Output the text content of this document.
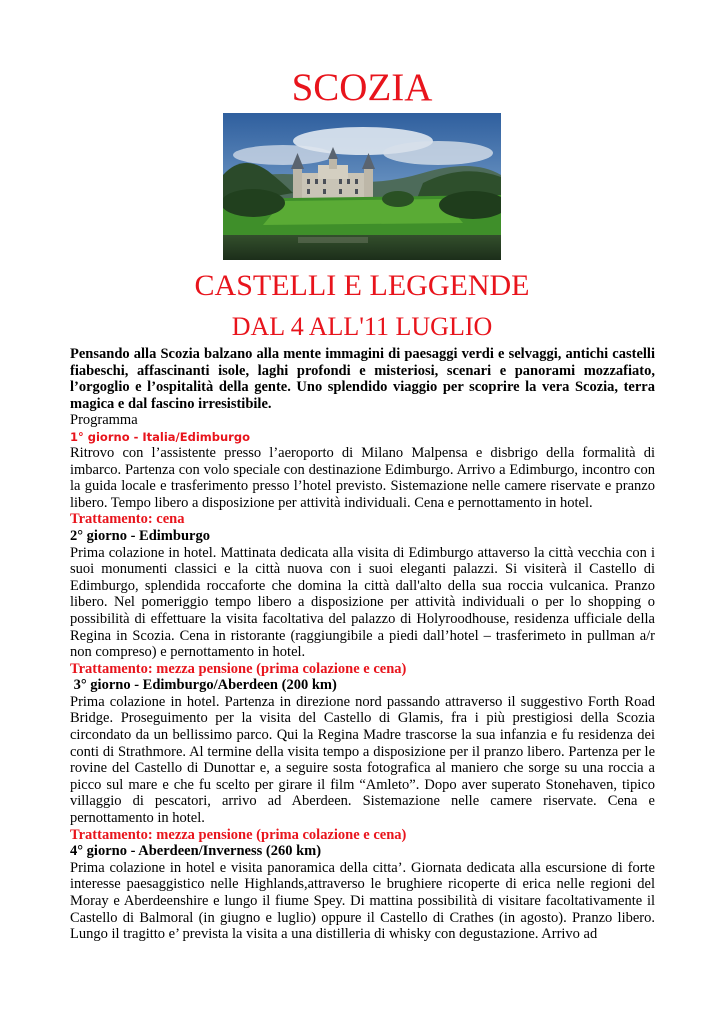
SCOZIA
CASTELLI E LEGGENDE
DAL 4 ALL'11 LUGLIO

Pensando alla Scozia balzano alla mente immagini di paesaggi verdi e selvaggi, antichi castelli fiabeschi, affascinanti isole, laghi profondi e misteriosi, scenari e panorami mozzafiato, l’orgoglio e l’ospitalità della gente. Uno splendido viaggio per scoprire la vera Scozia, terra magica e dal fascino irresistibile.

Programma

1° giorno - Italia/Edimburgo

Ritrovo con l’assistente presso l’aeroporto di Milano Malpensa e disbrigo della formalità di imbarco. Partenza con volo speciale con destinazione Edimburgo. Arrivo a Edimburgo, incontro con la guida locale e trasferimento presso l’hotel previsto. Sistemazione nelle camere riservate e pranzo libero. Tempo libero a disposizione per attività individuali. Cena e pernottamento in hotel.

Trattamento: cena

2° giorno - Edimburgo

Prima colazione in hotel. Mattinata dedicata alla visita di Edimburgo attaverso la città vecchia con i suoi monumenti classici e la città nuova con i suoi eleganti palazzi. Si visiterà il Castello di Edimburgo, splendida roccaforte che domina la città dall'alto della sua roccia vulcanica. Pranzo libero. Nel pomeriggio tempo libero a disposizione per attività individuali o per lo shopping o possibilità di effettuare la visita facoltativa del palazzo di Holyroodhouse, residenza ufficiale della Regina in Scozia. Cena in ristorante (raggiungibile a piedi dall’hotel – trasferimeto in pullman a/r non compreso) e pernottamento in hotel.

Trattamento: mezza pensione (prima colazione e cena)

3° giorno - Edimburgo/Aberdeen (200 km)

Prima colazione in hotel. Partenza in direzione nord passando attraverso il suggestivo Forth Road Bridge. Proseguimento per la visita del Castello di Glamis, fra i più prestigiosi della Scozia circondato da un bellissimo parco. Qui la Regina Madre trascorse la sua infanzia e fu residenza dei conti di Strathmore. Al termine della visita tempo a disposizione per il pranzo libero. Partenza per le rovine del Castello di Dunottar e, a seguire sosta fotografica al maniero che sorge su una roccia a picco sul mare e che fu scelto per girare il film “Amleto”. Dopo aver superato Stonehaven, tipico villaggio di pescatori, arrivo ad Aberdeen. Sistemazione nelle camere riservate. Cena e pernottamento in hotel.

Trattamento: mezza pensione (prima colazione e cena)

4° giorno - Aberdeen/Inverness (260 km)

Prima colazione in hotel e visita panoramica della citta’. Giornata dedicata alla escursione di forte interesse paesaggistico nelle Highlands,attraverso le brughiere ricoperte di erica nelle regioni del Moray e Aberdeenshire e lungo il fiume Spey. Di mattina possibilità di visitare facoltativamente il Castello di Balmoral (in giugno e luglio) oppure il Castello di Crathes (in agosto). Pranzo libero. Lungo il tragitto e’ prevista la visita a una distilleria di whisky con degustazione. Arrivo ad
